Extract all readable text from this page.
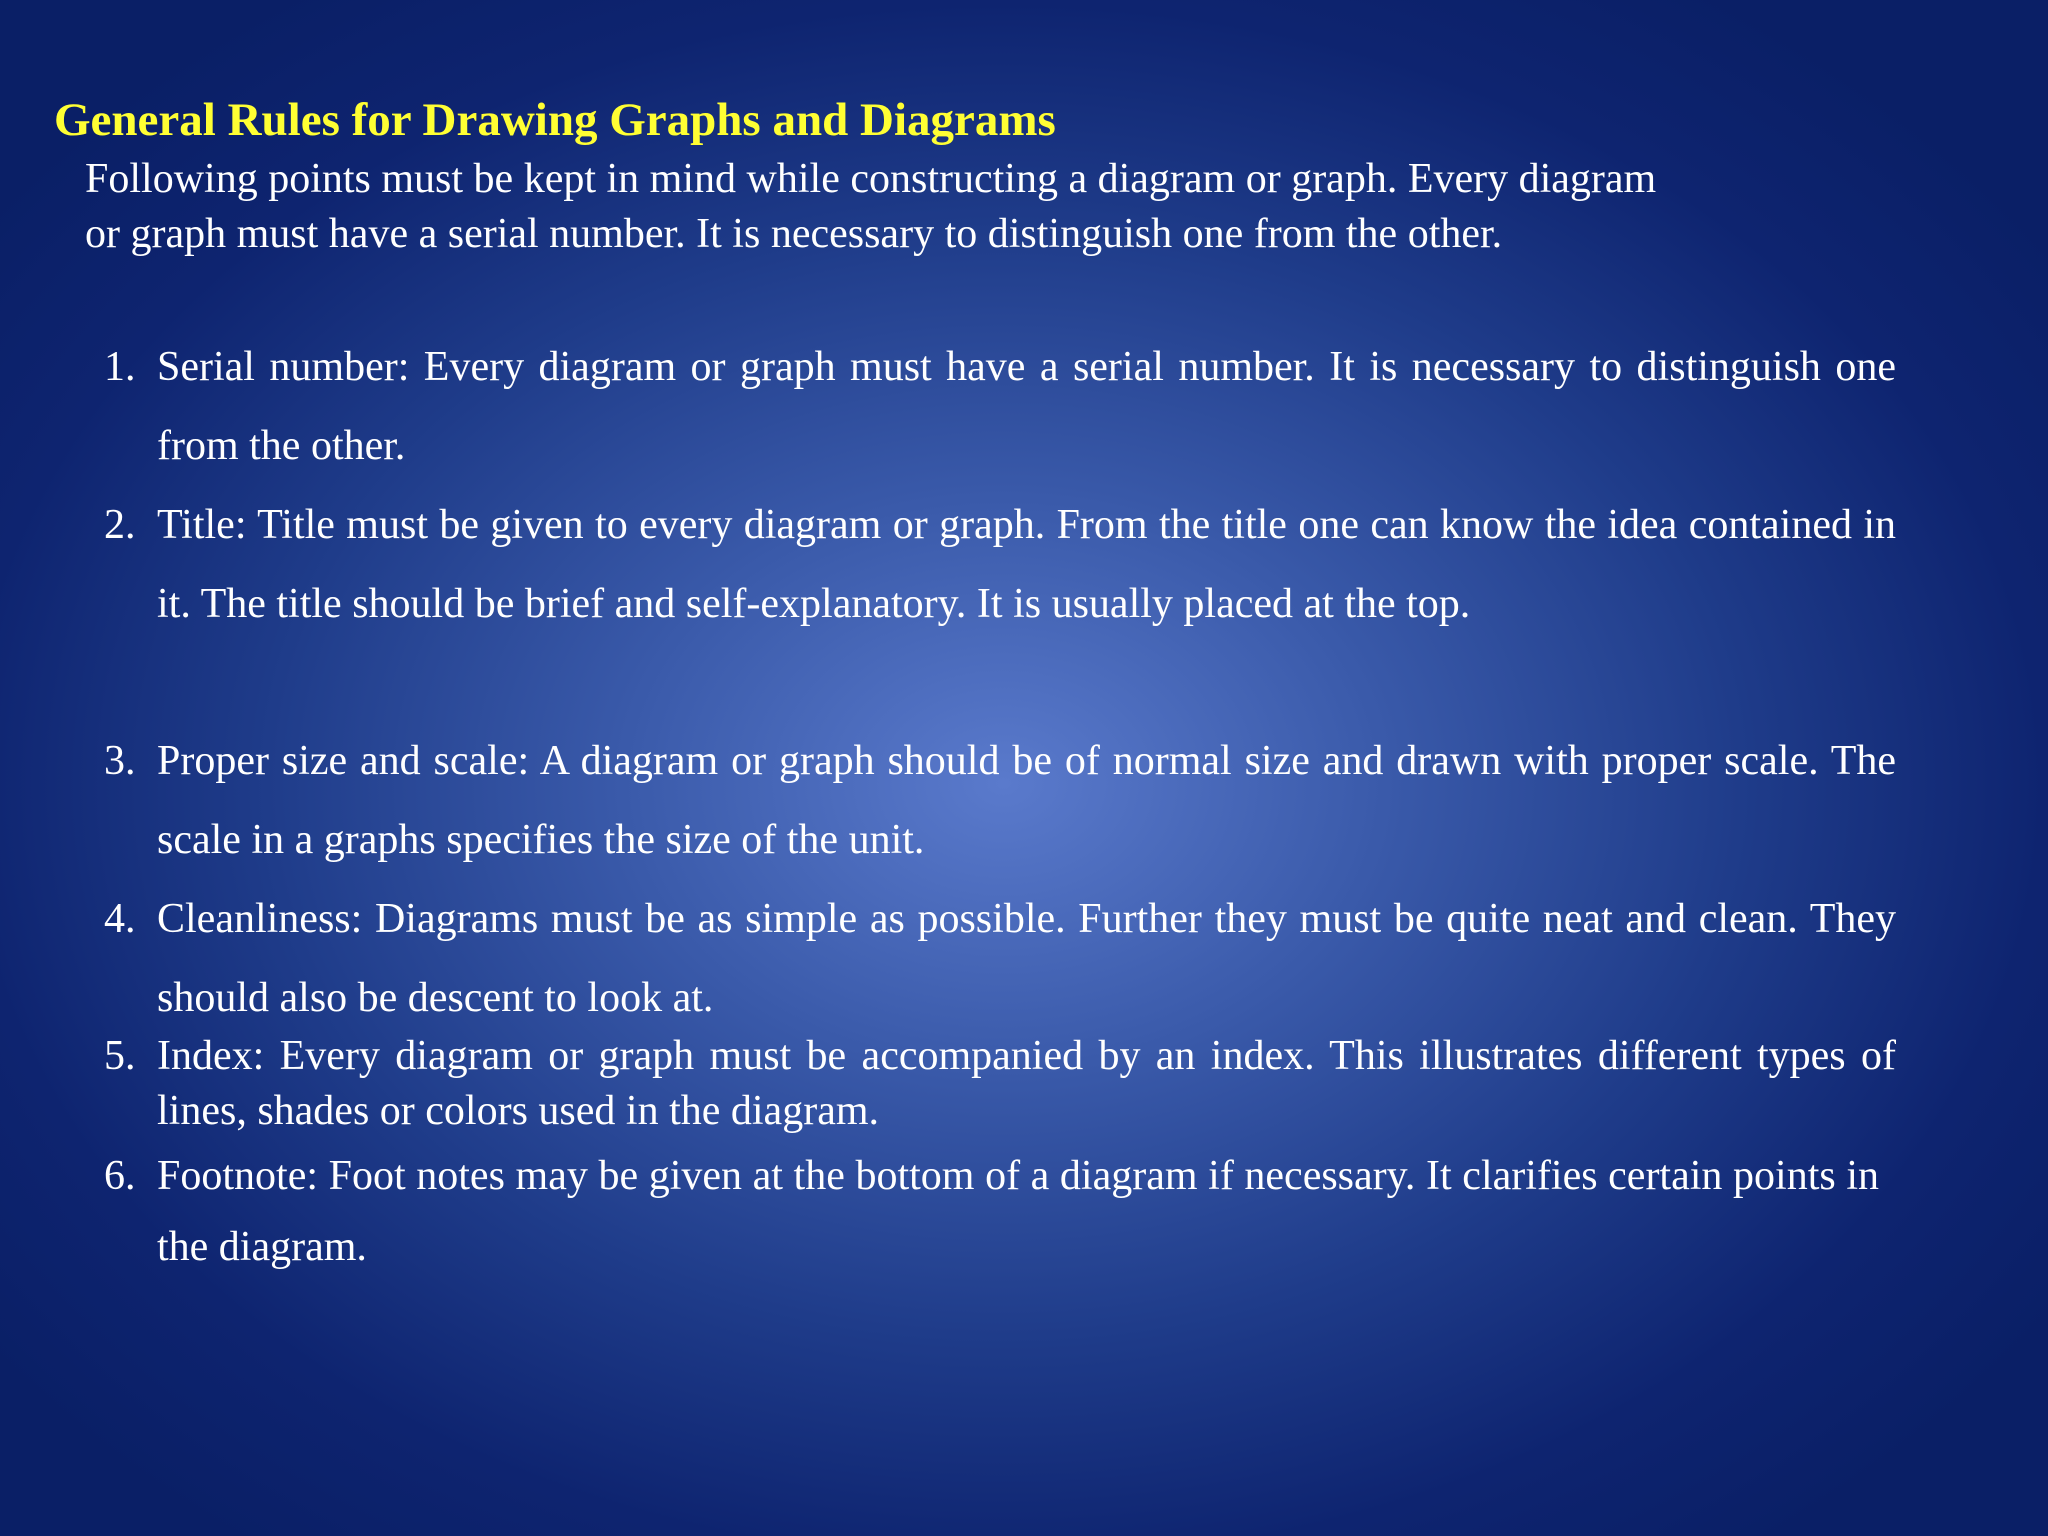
General Rules for Drawing Graphs and Diagrams

Following points must be kept in mind while constructing a diagram or graph. Every diagram
or graph must have a serial number. It is necessary to distinguish one from the other.

1. Serial number: Every diagram or graph must have a serial number. It is necessary to distinguish one from the other.
2. Title: Title must be given to every diagram or graph. From the title one can know the idea contained in it. The title should be brief and self-explanatory. It is usually placed at the top.
3. Proper size and scale: A diagram or graph should be of normal size and drawn with proper scale. The scale in a graphs specifies the size of the unit.
4. Cleanliness: Diagrams must be as simple as possible. Further they must be quite neat and clean. They should also be descent to look at.
5. Index: Every diagram or graph must be accompanied by an index. This illustrates different types of lines, shades or colors used in the diagram.
6. Footnote: Foot notes may be given at the bottom of a diagram if necessary. It clarifies certain points in the diagram.
